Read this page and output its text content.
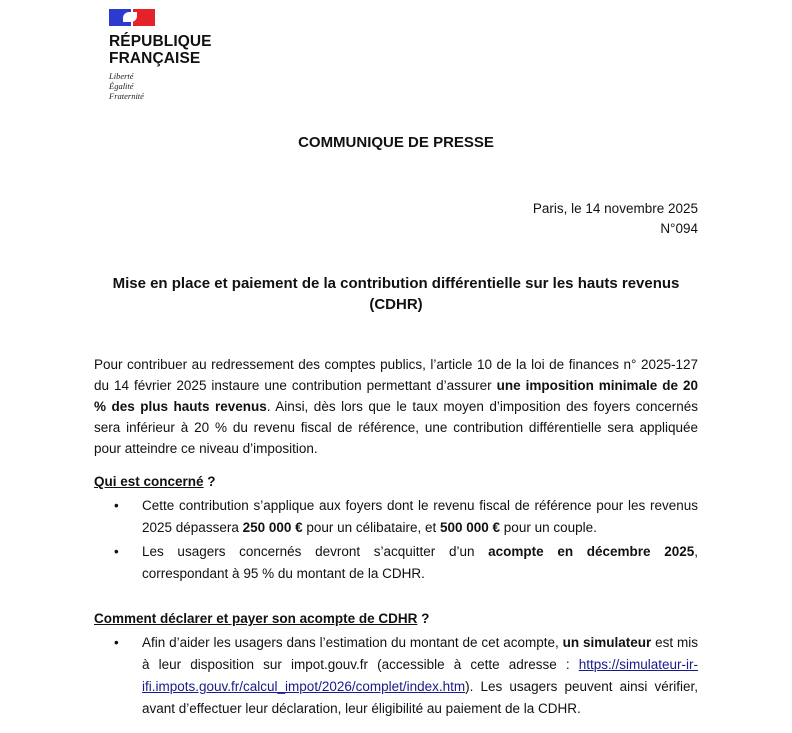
RÉPUBLIQUE
FRANÇAISE
Liberté
Égalité
Fraternité
COMMUNIQUE DE PRESSE
Paris, le 14 novembre 2025
N°094
Mise en place et paiement de la contribution différentielle sur les hauts revenus (CDHR)
Pour contribuer au redressement des comptes publics, l’article 10 de la loi de finances n° 2025-127 du 14 février 2025 instaure une contribution permettant d’assurer une imposition minimale de 20 % des plus hauts revenus. Ainsi, dès lors que le taux moyen d’imposition des foyers concernés sera inférieur à 20 % du revenu fiscal de référence, une contribution différentielle sera appliquée pour atteindre ce niveau d’imposition.
Qui est concerné ?
• Cette contribution s’applique aux foyers dont le revenu fiscal de référence pour les revenus 2025 dépassera 250 000 € pour un célibataire, et 500 000 € pour un couple.
• Les usagers concernés devront s’acquitter d’un acompte en décembre 2025, correspondant à 95 % du montant de la CDHR.
Comment déclarer et payer son acompte de CDHR ?
• Afin d’aider les usagers dans l’estimation du montant de cet acompte, un simulateur est mis à leur disposition sur impot.gouv.fr (accessible à cette adresse : https://simulateur-ir-ifi.impots.gouv.fr/calcul_impot/2026/complet/index.htm). Les usagers peuvent ainsi vérifier, avant d’effectuer leur déclaration, leur éligibilité au paiement de la CDHR.
